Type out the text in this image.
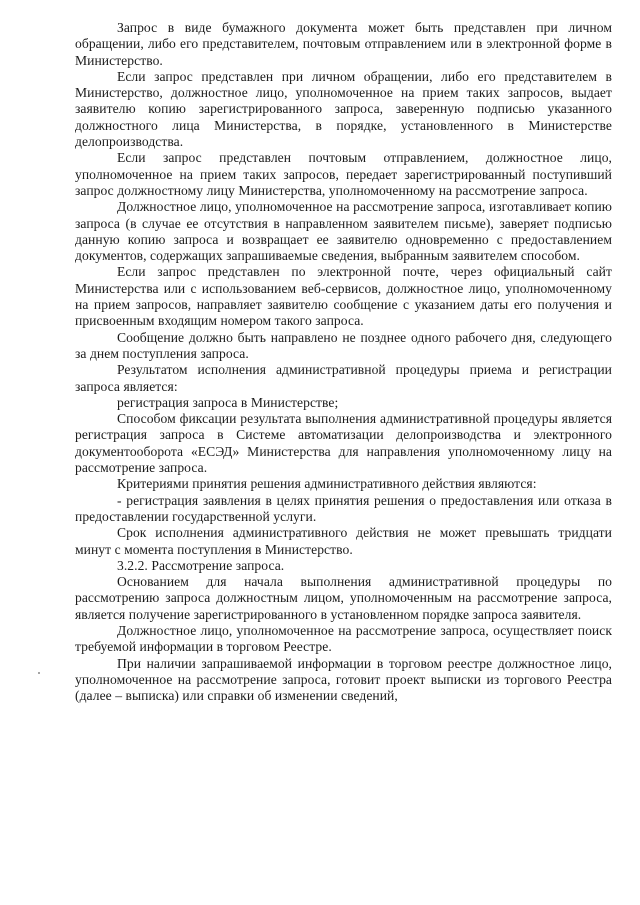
Запрос в виде бумажного документа может быть представлен при личном обращении, либо его представителем, почтовым отправлением или в электронной форме в Министерство.

Если запрос представлен при личном обращении, либо его представителем в Министерство, должностное лицо, уполномоченное на прием таких запросов, выдает заявителю копию зарегистрированного запроса, заверенную подписью указанного должностного лица Министерства, в порядке, установленного в Министерстве делопроизводства.

Если запрос представлен почтовым отправлением, должностное лицо, уполномоченное на прием таких запросов, передает зарегистрированный поступивший запрос должностному лицу Министерства, уполномоченному на рассмотрение запроса.

Должностное лицо, уполномоченное на рассмотрение запроса, изготавливает копию запроса (в случае ее отсутствия в направленном заявителем письме), заверяет подписью данную копию запроса и возвращает ее заявителю одновременно с предоставлением документов, содержащих запрашиваемые сведения, выбранным заявителем способом.

Если запрос представлен по электронной почте, через официальный сайт Министерства или с использованием веб-сервисов, должностное лицо, уполномоченному на прием запросов, направляет заявителю сообщение с указанием даты его получения и присвоенным входящим номером такого запроса.

Сообщение должно быть направлено не позднее одного рабочего дня, следующего за днем поступления запроса.

Результатом исполнения административной процедуры приема и регистрации запроса является:

регистрация запроса в Министерстве;

Способом фиксации результата выполнения административной процедуры является регистрация запроса в Системе автоматизации делопроизводства и электронного документооборота «ЕСЭД» Министерства для направления уполномоченному лицу на рассмотрение запроса.

Критериями принятия решения административного действия являются:

- регистрация заявления в целях принятия решения о предоставления или отказа в предоставлении государственной услуги.

Срок исполнения административного действия не может превышать тридцати минут с момента поступления в Министерство.

3.2.2. Рассмотрение запроса.

Основанием для начала выполнения административной процедуры по рассмотрению запроса должностным лицом, уполномоченным на рассмотрение запроса, является получение зарегистрированного в установленном порядке запроса заявителя.

Должностное лицо, уполномоченное на рассмотрение запроса, осуществляет поиск требуемой информации в торговом Реестре.

При наличии запрашиваемой информации в торговом реестре должностное лицо, уполномоченное на рассмотрение запроса, готовит проект выписки из торгового Реестра (далее – выписка) или справки об изменении сведений,
